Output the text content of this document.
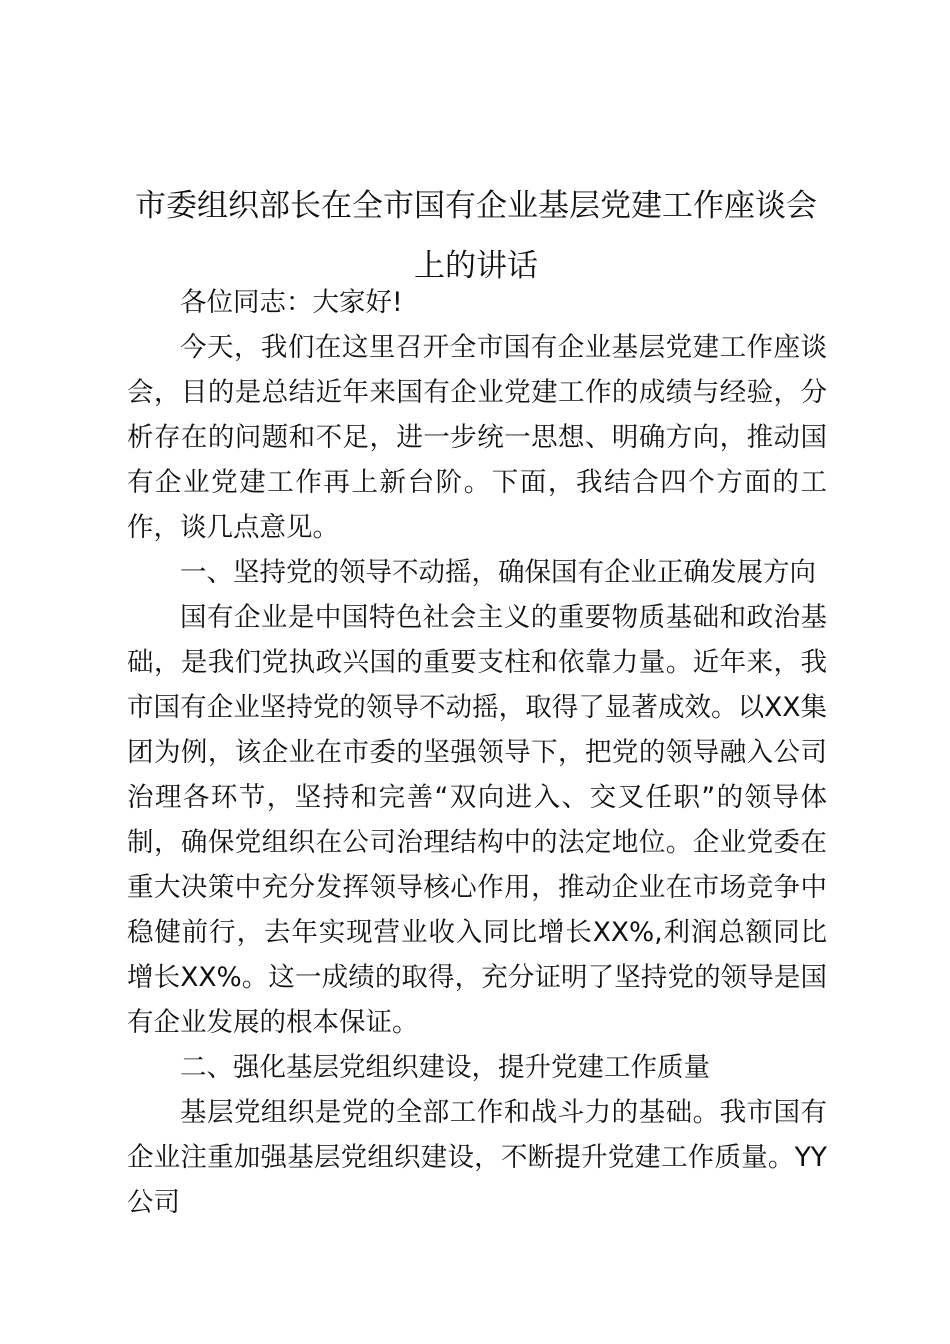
市委组织部长在全市国有企业基层党建工作座谈会上的讲话

各位同志：大家好!

今天，我们在这里召开全市国有企业基层党建工作座谈会，目的是总结近年来国有企业党建工作的成绩与经验，分析存在的问题和不足，进一步统一思想、明确方向，推动国有企业党建工作再上新台阶。下面，我结合四个方面的工作，谈几点意见。

一、坚持党的领导不动摇，确保国有企业正确发展方向

国有企业是中国特色社会主义的重要物质基础和政治基础，是我们党执政兴国的重要支柱和依靠力量。近年来，我市国有企业坚持党的领导不动摇，取得了显著成效。以XX集团为例，该企业在市委的坚强领导下，把党的领导融入公司治理各环节，坚持和完善“双向进入、交叉任职”的领导体制，确保党组织在公司治理结构中的法定地位。企业党委在重大决策中充分发挥领导核心作用，推动企业在市场竞争中稳健前行，去年实现营业收入同比增长XX%,利润总额同比增长XX%。这一成绩的取得，充分证明了坚持党的领导是国有企业发展的根本保证。

二、强化基层党组织建设，提升党建工作质量

基层党组织是党的全部工作和战斗力的基础。我市国有企业注重加强基层党组织建设，不断提升党建工作质量。YY公司
